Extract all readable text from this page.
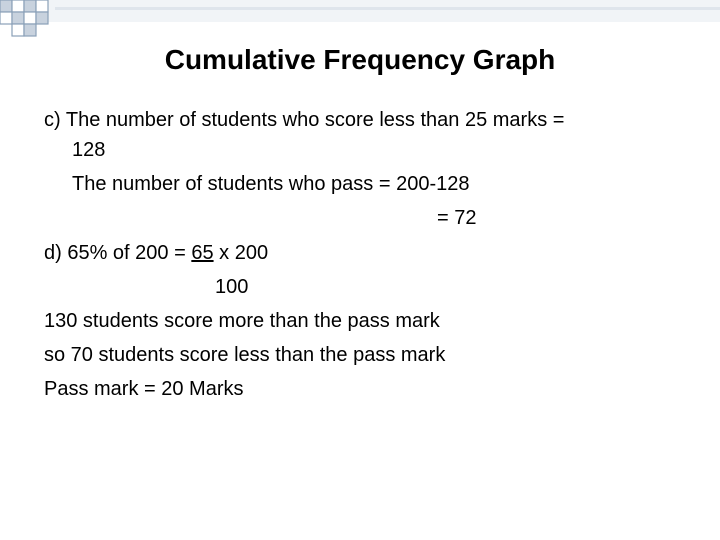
Cumulative Frequency Graph
c) The number of students who score less than 25 marks =
128
The number of students who pass = 200-128
= 72
d) 65% of 200 = 65 x 200
100
130 students score more than the pass mark
so 70 students score less than the pass mark
Pass mark = 20 Marks
